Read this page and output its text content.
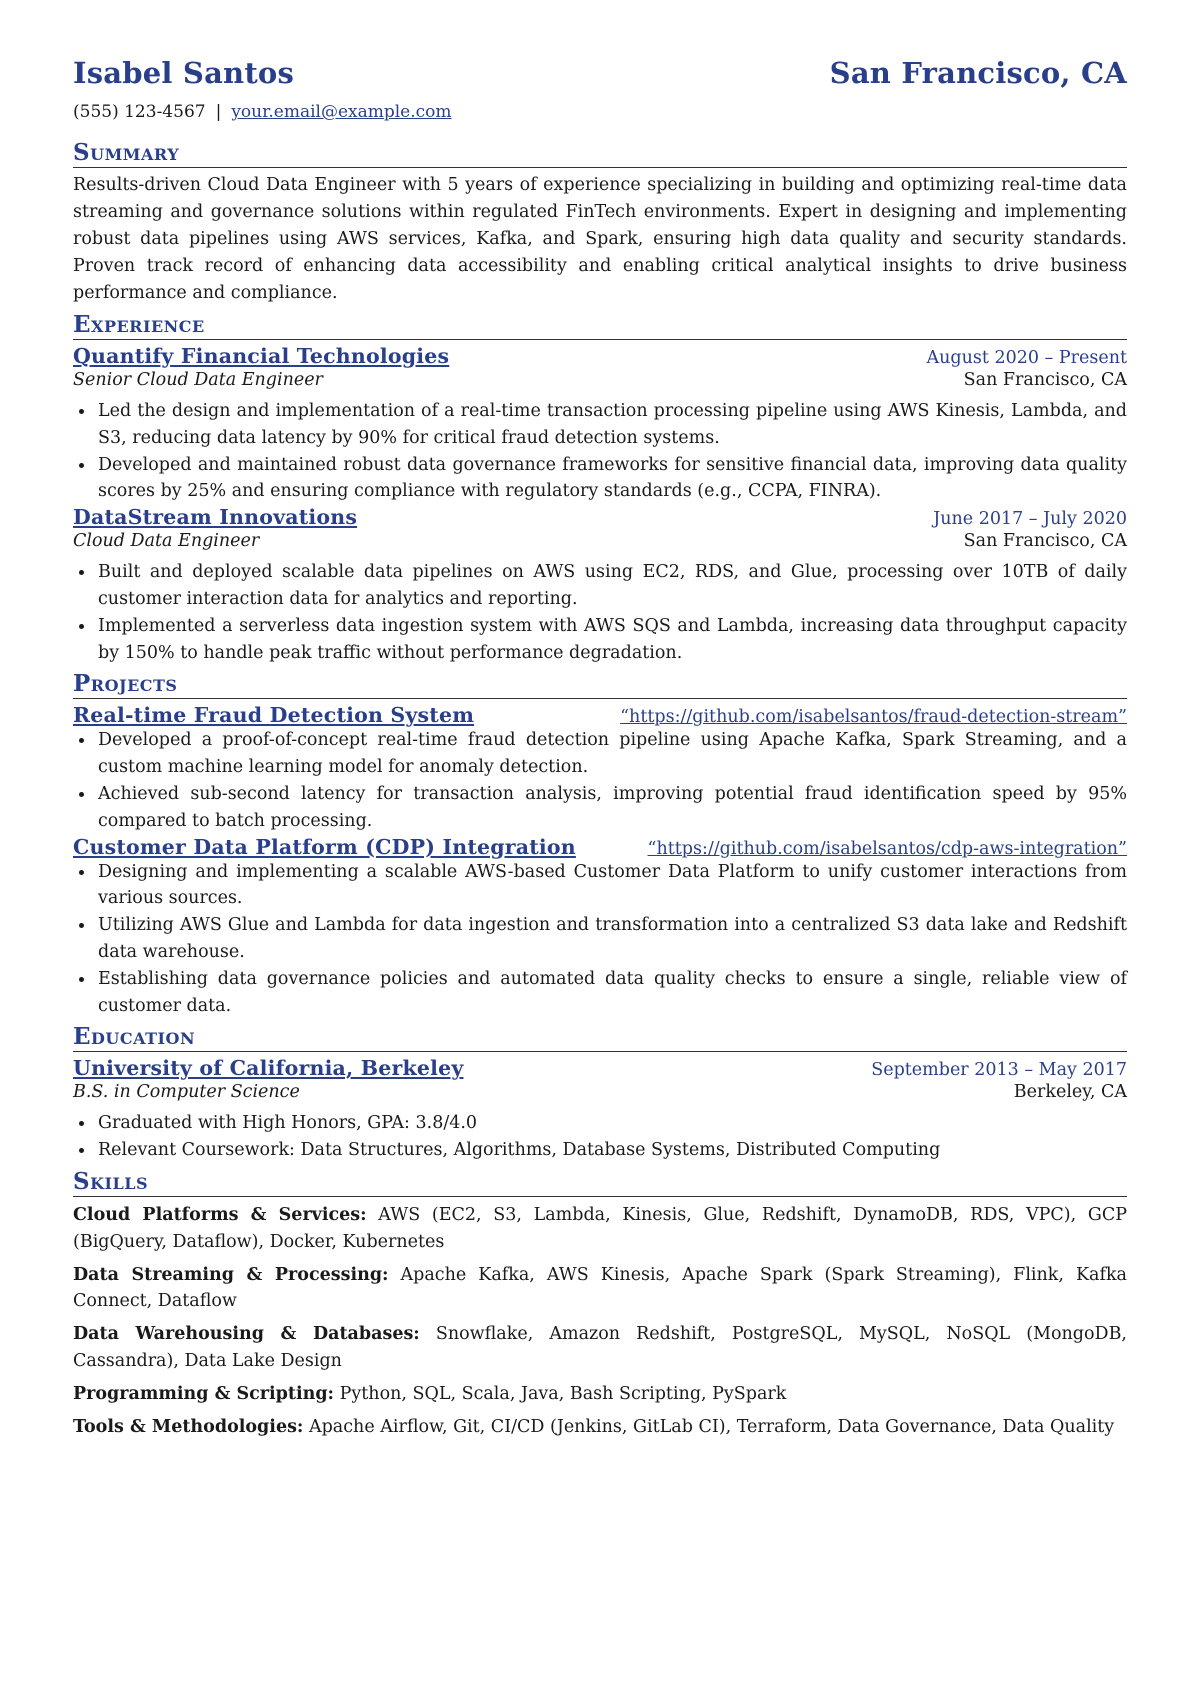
Isabel Santos	San Francisco, CA
(555) 123-4567 | your.email@example.com
Summary
Results-driven Cloud Data Engineer with 5 years of experience specializing in building and optimizing real-time data streaming and governance solutions within regulated FinTech environments. Expert in designing and implementing robust data pipelines using AWS services, Kafka, and Spark, ensuring high data quality and security standards. Proven track record of enhancing data accessibility and enabling critical analytical insights to drive business performance and compliance.
Experience
Quantify Financial Technologies	August 2020 – Present
Senior Cloud Data Engineer	San Francisco, CA
Led the design and implementation of a real-time transaction processing pipeline using AWS Kinesis, Lambda, and S3, reducing data latency by 90% for critical fraud detection systems.
Developed and maintained robust data governance frameworks for sensitive financial data, improving data quality scores by 25% and ensuring compliance with regulatory standards (e.g., CCPA, FINRA).
DataStream Innovations	June 2017 – July 2020
Cloud Data Engineer	San Francisco, CA
Built and deployed scalable data pipelines on AWS using EC2, RDS, and Glue, processing over 10TB of daily customer interaction data for analytics and reporting.
Implemented a serverless data ingestion system with AWS SQS and Lambda, increasing data throughput capacity by 150% to handle peak traffic without performance degradation.
Projects
Real-time Fraud Detection System	“https://github.com/isabelsantos/fraud-detection-stream”
Developed a proof-of-concept real-time fraud detection pipeline using Apache Kafka, Spark Streaming, and a custom machine learning model for anomaly detection.
Achieved sub-second latency for transaction analysis, improving potential fraud identification speed by 95% compared to batch processing.
Customer Data Platform (CDP) Integration	“https://github.com/isabelsantos/cdp-aws-integration”
Designing and implementing a scalable AWS-based Customer Data Platform to unify customer interactions from various sources.
Utilizing AWS Glue and Lambda for data ingestion and transformation into a centralized S3 data lake and Redshift data warehouse.
Establishing data governance policies and automated data quality checks to ensure a single, reliable view of customer data.
Education
University of California, Berkeley	September 2013 – May 2017
B.S. in Computer Science	Berkeley, CA
Graduated with High Honors, GPA: 3.8/4.0
Relevant Coursework: Data Structures, Algorithms, Database Systems, Distributed Computing
Skills
Cloud Platforms & Services: AWS (EC2, S3, Lambda, Kinesis, Glue, Redshift, DynamoDB, RDS, VPC), GCP (BigQuery, Dataflow), Docker, Kubernetes
Data Streaming & Processing: Apache Kafka, AWS Kinesis, Apache Spark (Spark Streaming), Flink, Kafka Connect, Dataflow
Data Warehousing & Databases: Snowflake, Amazon Redshift, PostgreSQL, MySQL, NoSQL (MongoDB, Cassandra), Data Lake Design
Programming & Scripting: Python, SQL, Scala, Java, Bash Scripting, PySpark
Tools & Methodologies: Apache Airflow, Git, CI/CD (Jenkins, GitLab CI), Terraform, Data Governance, Data Quality
